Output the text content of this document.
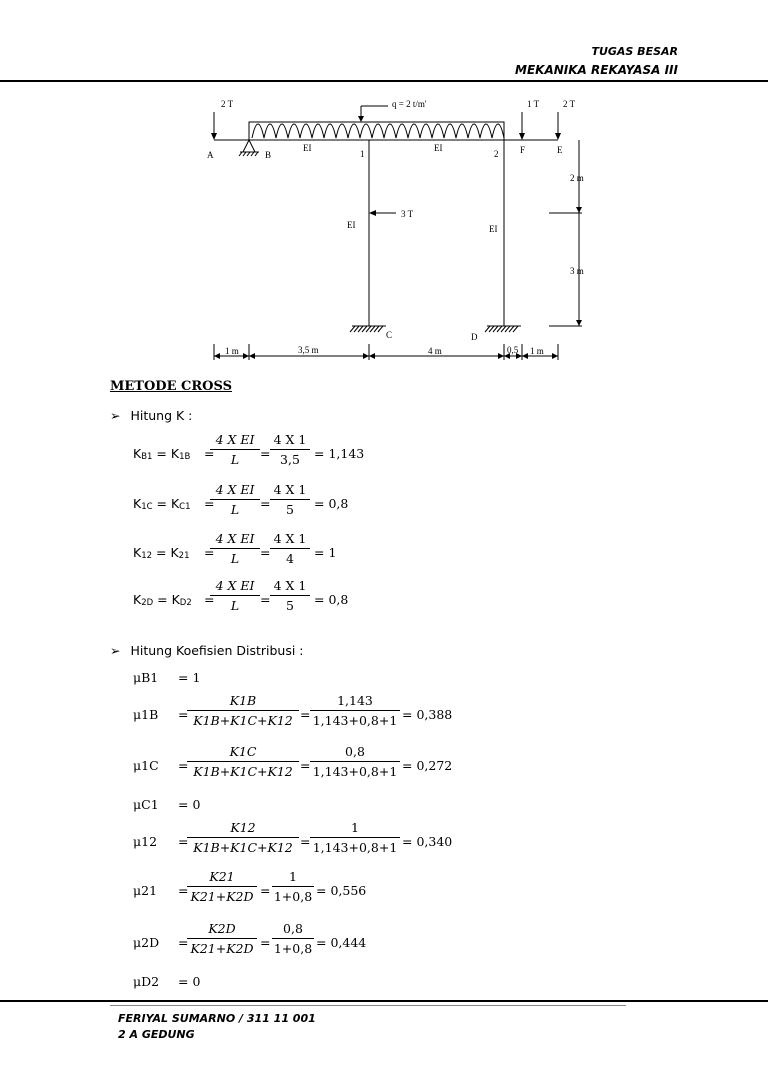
TUGAS BESAR
MEKANIKA REKAYASA III
2 T	q = 2 t/m'	1 T	2 T
A	B
EI
1
EI
2 F	E
2 m
3 T
EI	EI
3 m
C	D
1 m	3,5 m	4 m	0,5 1 m
METODE CROSS
➢ Hitung K :
KB1 = K1B =
$\frac{\text{4 X EI}}{L} = \frac{4 X 1}{3,5} = 1,143$
K1C = KC1 =
$\frac{\text{4 X EI}}{L} = \frac{4 X 1}{5} = 0,8$
K12 = K21 =
$\frac{\text{4 X EI}}{L} = \frac{4 X 1}{4} = 1$
K2D = KD2 =
$\frac{\text{4 X EI}}{L} = \frac{4 X 1}{5} = 0,8$
➢ Hitung Koefisien Distribusi :
μB1 = 1
μ1B =
$\frac{K1B}{K1B+K1C+K12} = \frac{1,143}{1,143+0,8+1} = 0,388$
μ1C =
$\frac{K1C}{K1B+K1C+K12} = \frac{0,8}{1,143+0,8+1} = 0,272$
μC1 = 0
μ12 =
$\frac{K12}{K1B+K1C+K12} = \frac{1}{1,143+0,8+1} = 0,340$
μ21 =
$\frac{K21}{K21+K2D} = \frac{1}{1+0,8} = 0,556$
μ2D =
$\frac{K2D}{K21+K2D} = \frac{0,8}{1+0,8} = 0,444$
μD2 = 0
FERIYAL SUMARNO / 311 11 001
2 A GEDUNG
